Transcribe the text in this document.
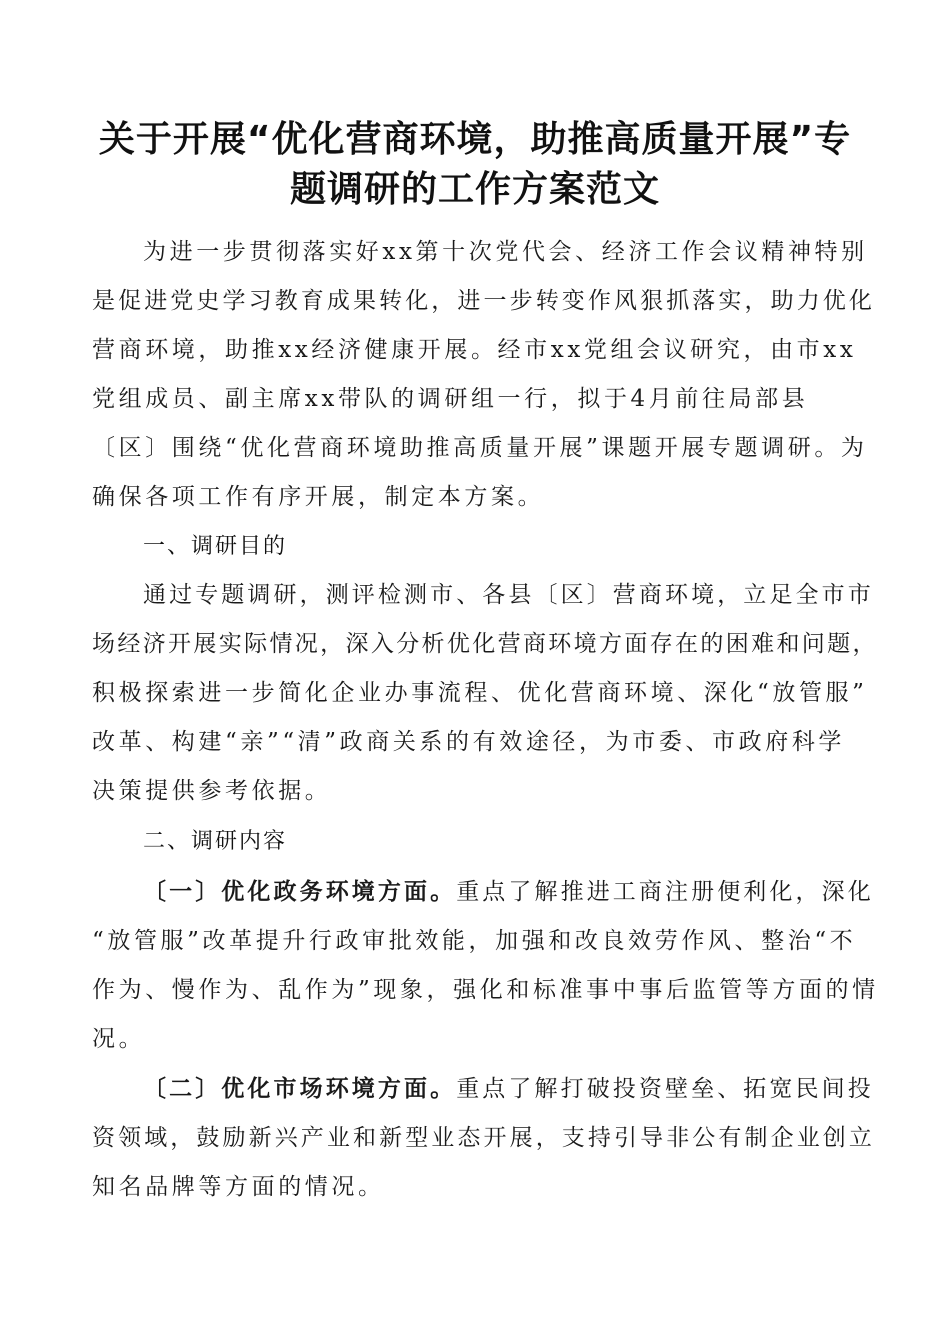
关于开展“优化营商环境，助推高质量开展”专
题调研的工作方案范文
为进一步贯彻落实好xx第十次党代会、经济工作会议精神特别
是促进党史学习教育成果转化，进一步转变作风狠抓落实，助力优化
营商环境，助推xx经济健康开展。经市xx党组会议研究，由市xx
党组成员、副主席xx带队的调研组一行，拟于4月前往局部县
〔区〕围绕“优化营商环境助推高质量开展”课题开展专题调研。为
确保各项工作有序开展，制定本方案。
一、调研目的
通过专题调研，测评检测市、各县〔区〕营商环境，立足全市市
场经济开展实际情况，深入分析优化营商环境方面存在的困难和问题，
积极探索进一步简化企业办事流程、优化营商环境、深化“放管服”
改革、构建“亲”“清”政商关系的有效途径，为市委、市政府科学
决策提供参考依据。
二、调研内容
〔一〕优化政务环境方面。重点了解推进工商注册便利化，深化
“放管服”改革提升行政审批效能，加强和改良效劳作风、整治“不
作为、慢作为、乱作为”现象，强化和标准事中事后监管等方面的情
况。
〔二〕优化市场环境方面。重点了解打破投资壁垒、拓宽民间投
资领域，鼓励新兴产业和新型业态开展，支持引导非公有制企业创立
知名品牌等方面的情况。
